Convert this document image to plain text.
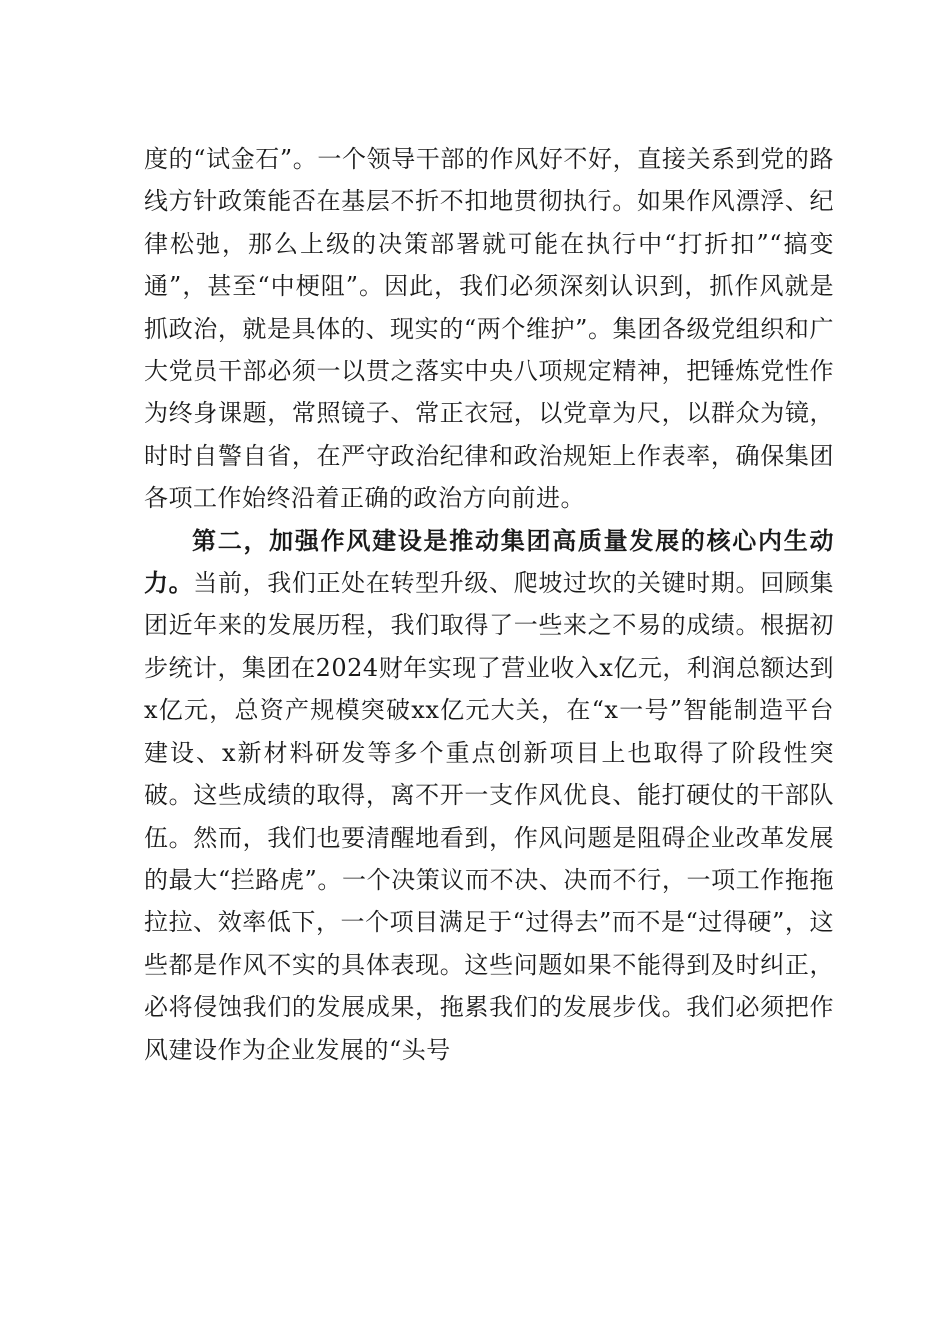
度的“试金石”。一个领导干部的作风好不好，直接关系到党的路线方针政策能否在基层不折不扣地贯彻执行。如果作风漂浮、纪律松弛，那么上级的决策部署就可能在执行中“打折扣”“搞变通”，甚至“中梗阻”。因此，我们必须深刻认识到，抓作风就是抓政治，就是具体的、现实的“两个维护”。集团各级党组织和广大党员干部必须一以贯之落实中央八项规定精神，把锤炼党性作为终身课题，常照镜子、常正衣冠，以党章为尺，以群众为镜，时时自警自省，在严守政治纪律和政治规矩上作表率，确保集团各项工作始终沿着正确的政治方向前进。

第二，加强作风建设是推动集团高质量发展的核心内生动力。当前，我们正处在转型升级、爬坡过坎的关键时期。回顾集团近年来的发展历程，我们取得了一些来之不易的成绩。根据初步统计，集团在2024财年实现了营业收入x亿元，利润总额达到x亿元，总资产规模突破xx亿元大关，在“x一号”智能制造平台建设、x新材料研发等多个重点创新项目上也取得了阶段性突破。这些成绩的取得，离不开一支作风优良、能打硬仗的干部队伍。然而，我们也要清醒地看到，作风问题是阻碍企业改革发展的最大“拦路虎”。一个决策议而不决、决而不行，一项工作拖拖拉拉、效率低下，一个项目满足于“过得去”而不是“过得硬”，这些都是作风不实的具体表现。这些问题如果不能得到及时纠正，必将侵蚀我们的发展成果，拖累我们的发展步伐。我们必须把作风建设作为企业发展的“头号
